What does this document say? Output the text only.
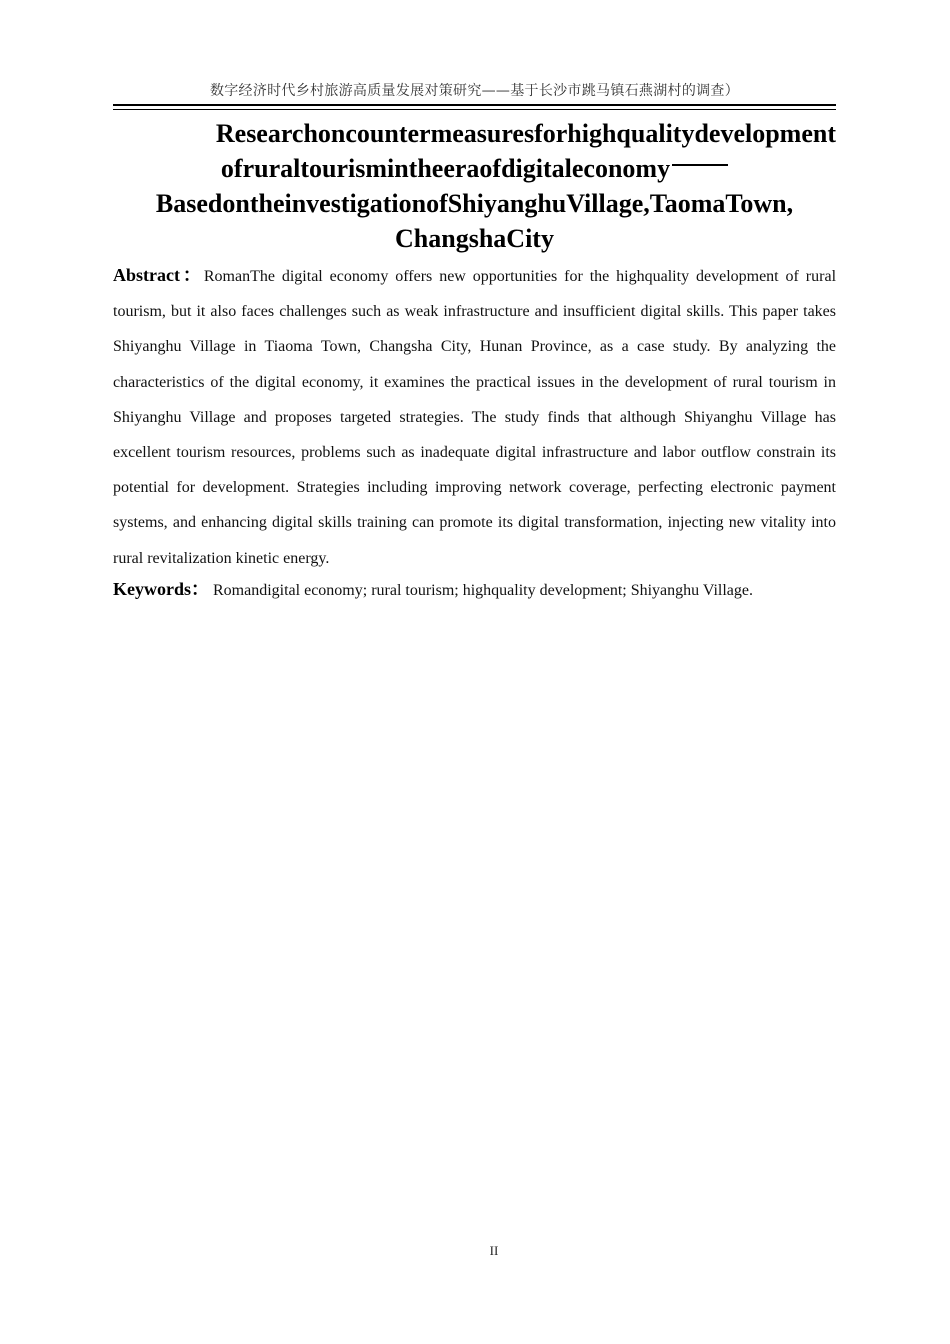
数字经济时代乡村旅游高质量发展对策研究——基于长沙市跳马镇石燕湖村的调查）
Researchoncountermeasuresforhighqualitydevelopment
ofruraltourismintheeraofdigitaleconomy
BasedontheinvestigationofShiyanghuVillage,TaomaTown,
ChangshaCity
Abstract：RomanThe digital economy offers new opportunities for the highquality development of rural tourism, but it also faces challenges such as weak infrastructure and insufficient digital skills. This paper takes Shiyanghu Village in Tiaoma Town, Changsha City, Hunan Province, as a case study. By analyzing the characteristics of the digital economy, it examines the practical issues in the development of rural tourism in Shiyanghu Village and proposes targeted strategies. The study finds that although Shiyanghu Village has excellent tourism resources, problems such as inadequate digital infrastructure and labor outflow constrain its potential for development. Strategies including improving network coverage, perfecting electronic payment systems, and enhancing digital skills training can promote its digital transformation, injecting new vitality into rural revitalization kinetic energy.
Keywords： Romandigital economy; rural tourism; highquality development; Shiyanghu Village.
II
